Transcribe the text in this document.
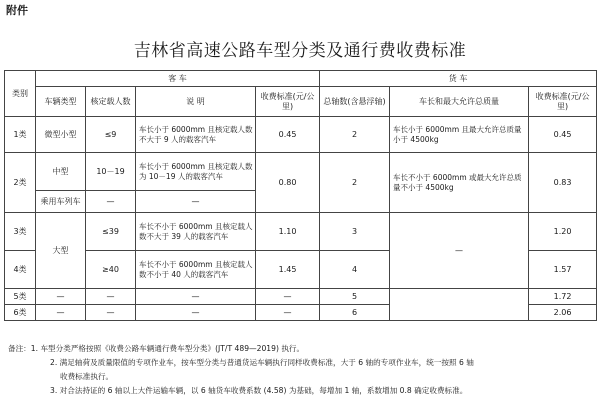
附件
吉林省高速公路车型分类及通行费收费标准
类别	客 车				货 车		
	车辆类型	核定载人数	说 明	收费标准(元/公里)	总轴数(含悬浮轴)	车长和最大允许总质量	收费标准(元/公里)
1类	微型小型	≤9	车长小于 6000mm 且核定载人数不大于 9 人的载客汽车	0.45	2	车长小于 6000mm 且最大允许总质量小于 4500kg	0.45
2类	中型	10－19	车长小于 6000mm 且核定载人数为 10－19 人的载客汽车	0.80	2	车长不小于 6000mm 或最大允许总质量不小于 4500kg	0.83
	乘用车列车	—	—				
3类	大型	≤39	车长不小于 6000mm 且核定载人数不大于 39 人的载客汽车	1.10	3	—	1.20
4类		≥40	车长不小于 6000mm 且核定载人数不小于 40 人的载客汽车	1.45	4		1.57
5类	—	—	—	—	5		1.72
6类	—	—	—	—	6		2.06
备注：1. 车型分类严格按照《收费公路车辆通行费车型分类》(JT/T 489—2019) 执行。
2. 满足轴荷及质量限值的专项作业车，按车型分类与普通货运车辆执行同样收费标准，大于 6 轴的专项作业车，统一按照 6 轴
收费标准执行。
3. 对合法持证的 6 轴以上大件运输车辆，以 6 轴货车收费系数 (4.58) 为基础，每增加 1 轴，系数增加 0.8 确定收费标准。
